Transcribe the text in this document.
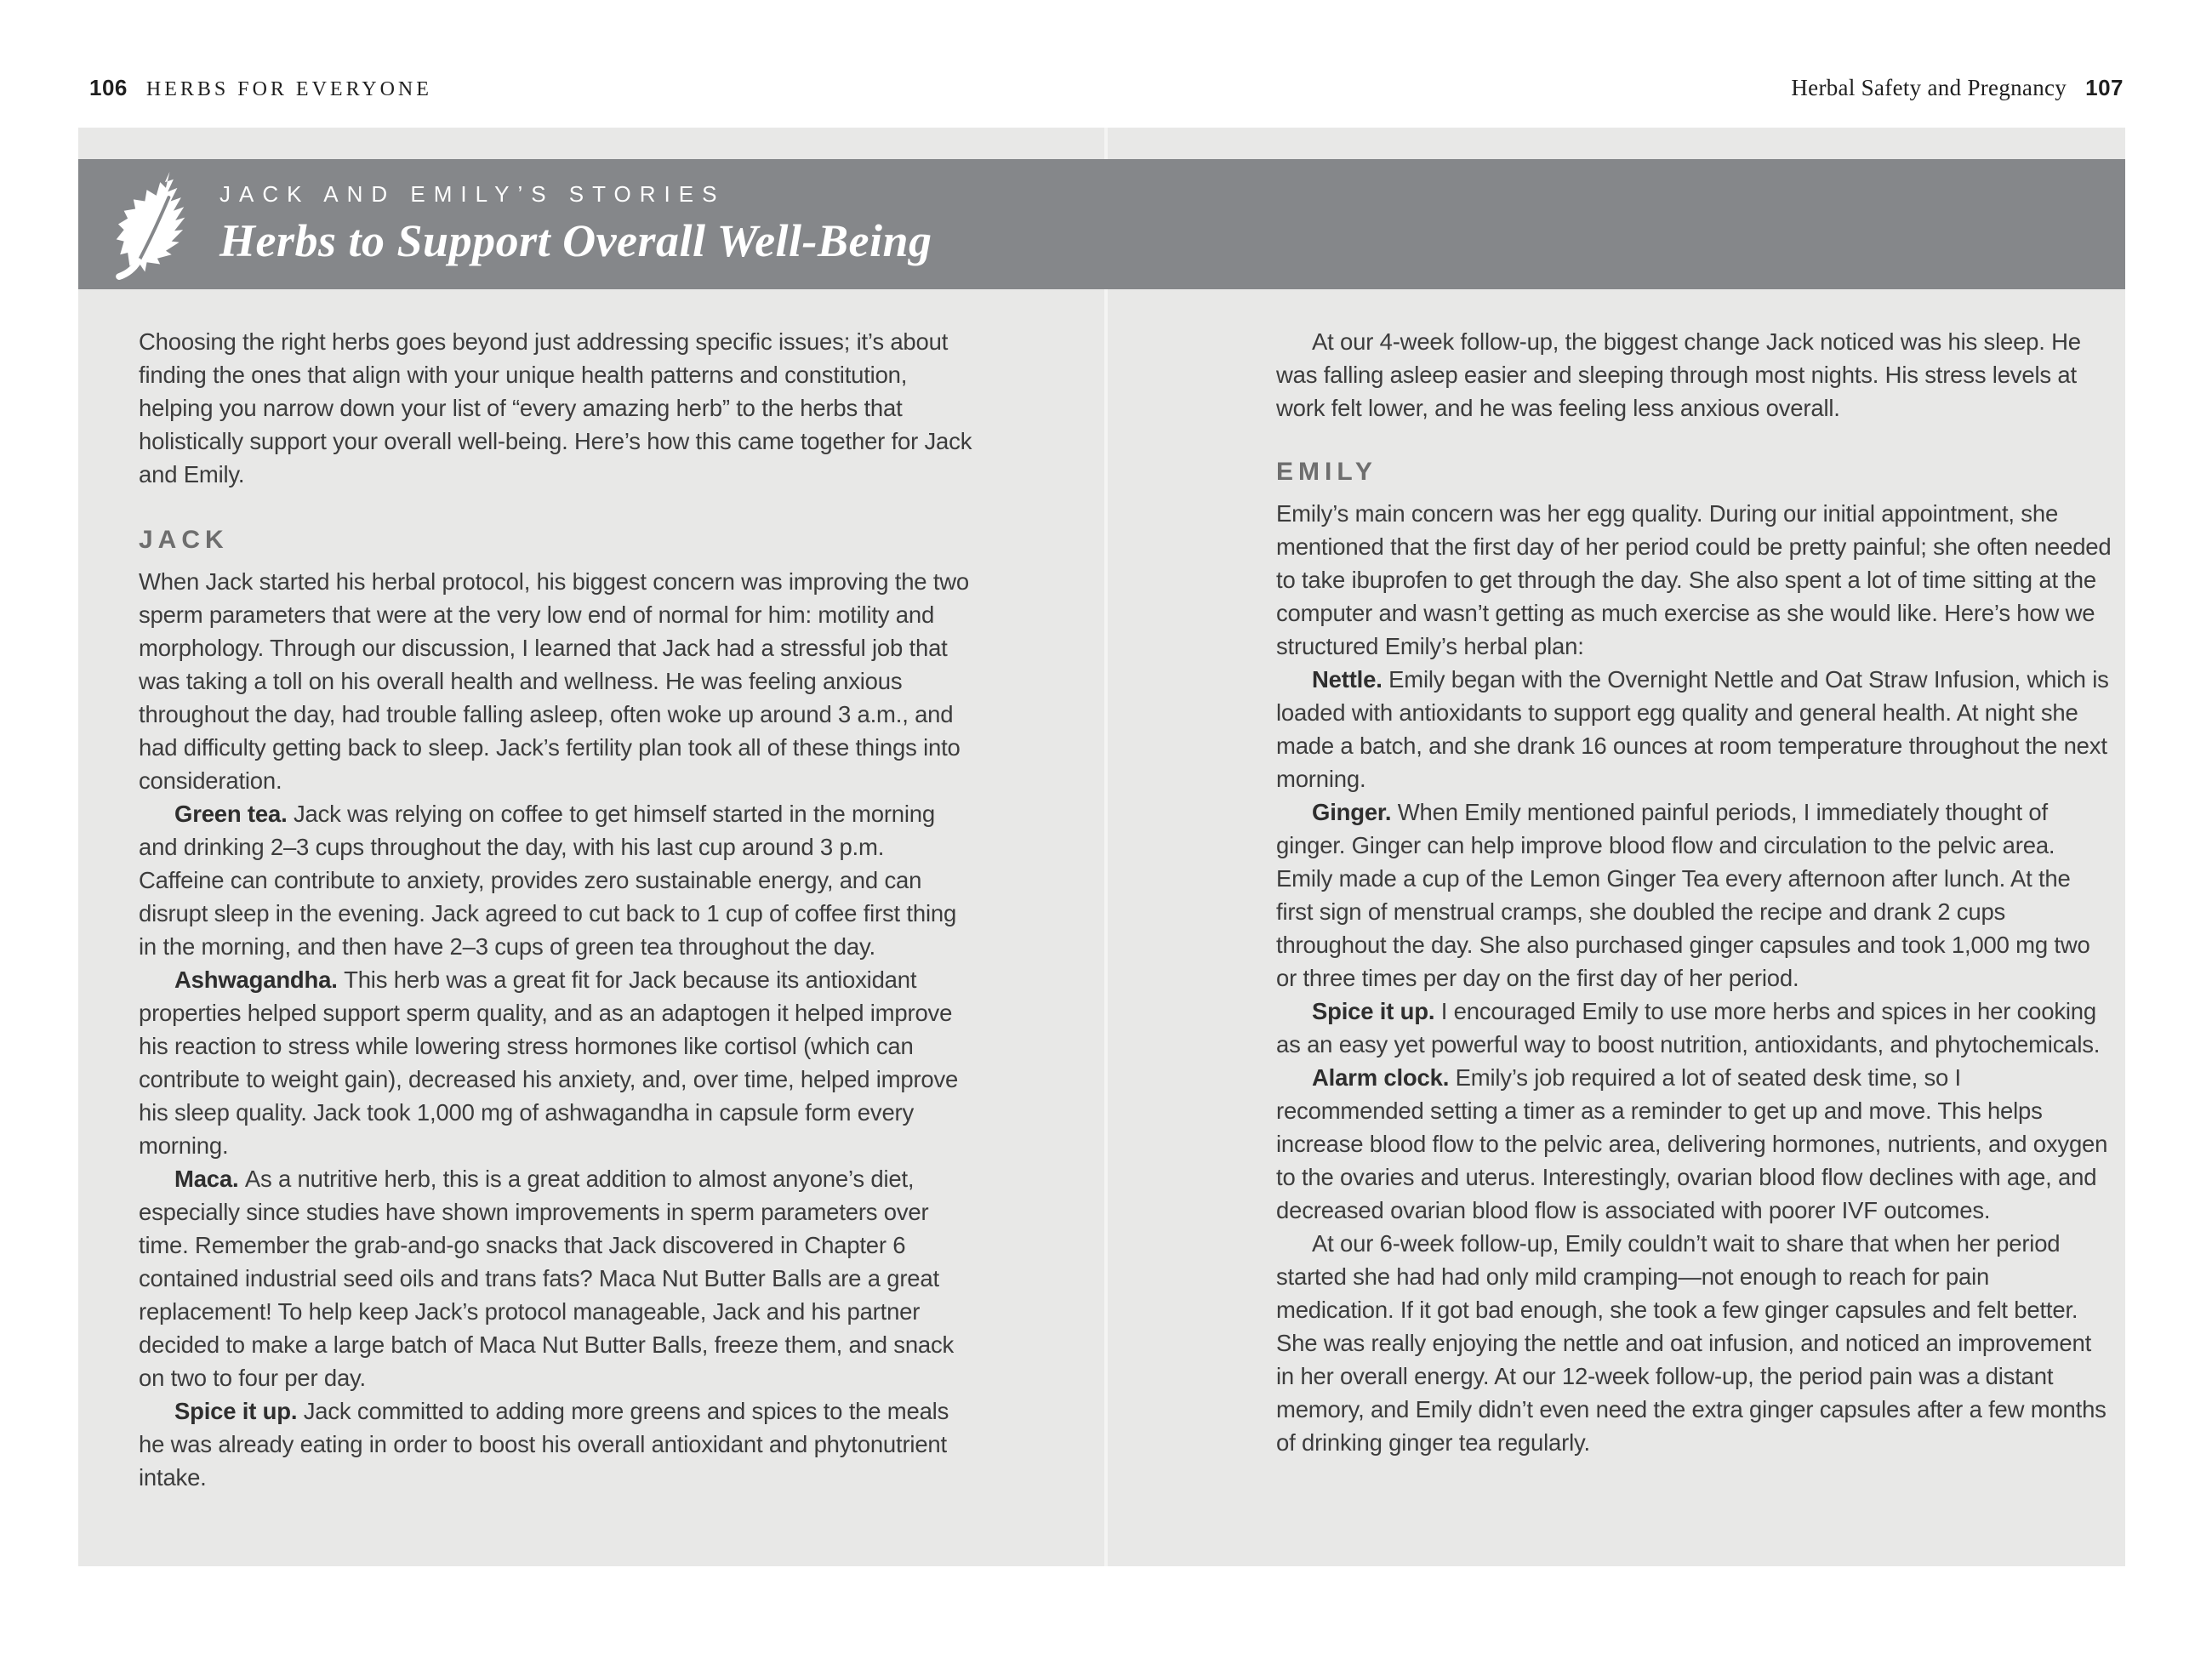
106 HERBS FOR EVERYONE	Herbal Safety and Pregnancy 107
JACK AND EMILY’S STORIES
Herbs to Support Overall Well-Being

Choosing the right herbs goes beyond just addressing specific issues; it’s about finding the ones that align with your unique health patterns and constitution, helping you narrow down your list of “every amazing herb” to the herbs that holistically support your overall well-being. Here’s how this came together for Jack and Emily.

JACK

When Jack started his herbal protocol, his biggest concern was improving the two sperm parameters that were at the very low end of normal for him: motility and morphology. Through our discussion, I learned that Jack had a stressful job that was taking a toll on his overall health and wellness. He was feeling anxious throughout the day, had trouble falling asleep, often woke up around 3 a.m., and had difficulty getting back to sleep. Jack’s fertility plan took all of these things into consideration.

Green tea. Jack was relying on coffee to get himself started in the morning and drinking 2–3 cups throughout the day, with his last cup around 3 p.m. Caffeine can contribute to anxiety, provides zero sustainable energy, and can disrupt sleep in the evening. Jack agreed to cut back to 1 cup of coffee first thing in the morning, and then have 2–3 cups of green tea throughout the day.

Ashwagandha. This herb was a great fit for Jack because its antioxidant properties helped support sperm quality, and as an adaptogen it helped improve his reaction to stress while lowering stress hormones like cortisol (which can contribute to weight gain), decreased his anxiety, and, over time, helped improve his sleep quality. Jack took 1,000 mg of ashwagandha in capsule form every morning.

Maca. As a nutritive herb, this is a great addition to almost anyone’s diet, especially since studies have shown improvements in sperm parameters over time. Remember the grab-and-go snacks that Jack discovered in Chapter 6 contained industrial seed oils and trans fats? Maca Nut Butter Balls are a great replacement! To help keep Jack’s protocol manageable, Jack and his partner decided to make a large batch of Maca Nut Butter Balls, freeze them, and snack on two to four per day.

Spice it up. Jack committed to adding more greens and spices to the meals he was already eating in order to boost his overall antioxidant and phytonutrient intake.

At our 4-week follow-up, the biggest change Jack noticed was his sleep. He was falling asleep easier and sleeping through most nights. His stress levels at work felt lower, and he was feeling less anxious overall.

EMILY

Emily’s main concern was her egg quality. During our initial appointment, she mentioned that the first day of her period could be pretty painful; she often needed to take ibuprofen to get through the day. She also spent a lot of time sitting at the computer and wasn’t getting as much exercise as she would like. Here’s how we structured Emily’s herbal plan:

Nettle. Emily began with the Overnight Nettle and Oat Straw Infusion, which is loaded with antioxidants to support egg quality and general health. At night she made a batch, and she drank 16 ounces at room temperature throughout the next morning.

Ginger. When Emily mentioned painful periods, I immediately thought of ginger. Ginger can help improve blood flow and circulation to the pelvic area. Emily made a cup of the Lemon Ginger Tea every afternoon after lunch. At the first sign of menstrual cramps, she doubled the recipe and drank 2 cups throughout the day. She also purchased ginger capsules and took 1,000 mg two or three times per day on the first day of her period.

Spice it up. I encouraged Emily to use more herbs and spices in her cooking as an easy yet powerful way to boost nutrition, antioxidants, and phytochemicals.

Alarm clock. Emily’s job required a lot of seated desk time, so I recommended setting a timer as a reminder to get up and move. This helps increase blood flow to the pelvic area, delivering hormones, nutrients, and oxygen to the ovaries and uterus. Interestingly, ovarian blood flow declines with age, and decreased ovarian blood flow is associated with poorer IVF outcomes.

At our 6-week follow-up, Emily couldn’t wait to share that when her period started she had had only mild cramping—not enough to reach for pain medication. If it got bad enough, she took a few ginger capsules and felt better. She was really enjoying the nettle and oat infusion, and noticed an improvement in her overall energy. At our 12-week follow-up, the period pain was a distant memory, and Emily didn’t even need the extra ginger capsules after a few months of drinking ginger tea regularly.
